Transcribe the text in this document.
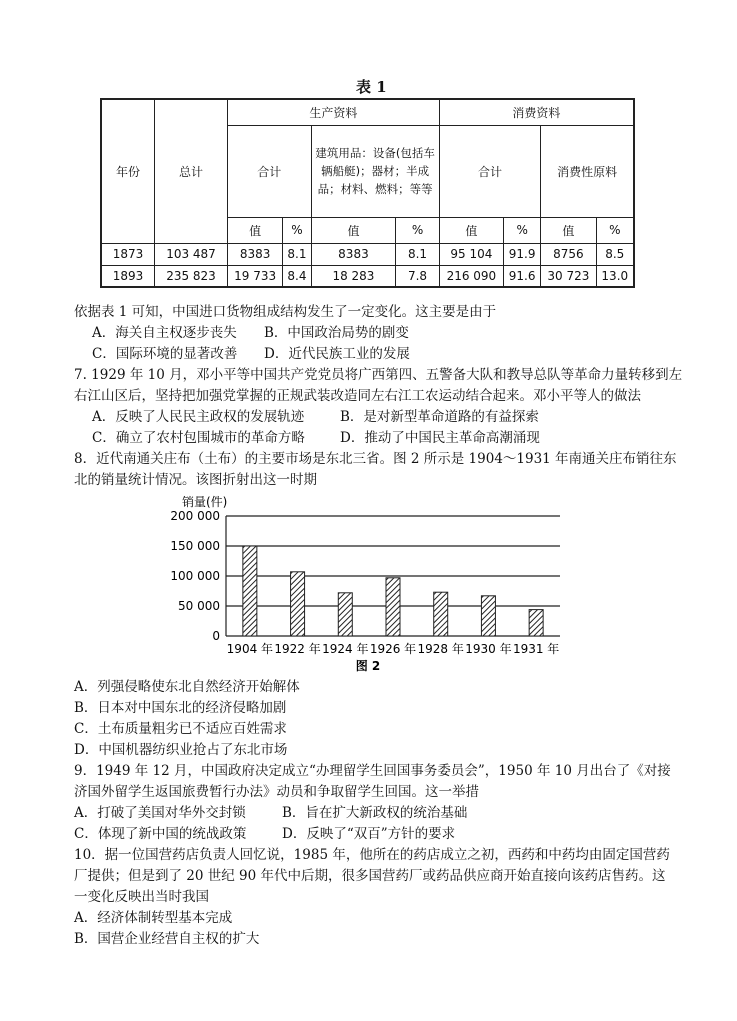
表 1
年份	总计	生产资料				消费资料			
		合计		建筑用品：设备(包括车辆船艇)；器材；半成品；材料、燃料；等等		合计		消费性原料	
		值	%	值	%	值	%	值	%
1873	103 487	8383	8.1	8383	8.1	95 104	91.9	8756	8.5
1893	235 823	19 733	8.4	18 283	7.8	216 090	91.6	30 723	13.0
依据表 1 可知，中国进口货物组成结构发生了一定变化。这主要是由于
A．海关自主权逐步丧失 B．中国政治局势的剧变
C．国际环境的显著改善 D．近代民族工业的发展
7. 1929 年 10 月，邓小平等中国共产党党员将广西第四、五警备大队和教导总队等革命力量转移到左
右江山区后，坚持把加强党掌握的正规武装改造同左右江工农运动结合起来。邓小平等人的做法
A．反映了人民民主政权的发展轨迹	B．是对新型革命道路的有益探索
C．确立了农村包围城市的革命方略	D．推动了中国民主革命高潮涌现
8．近代南通关庄布（土布）的主要市场是东北三省。图 2 所示是 1904～1931 年南通关庄布销往东
北的销量统计情况。该图折射出这一时期
销量(件)
200 000
150 000
100 000
50 000
0
1904 年 1922 年 1924 年 1926 年 1928 年 1930 年 1931 年
图 2
A．列强侵略使东北自然经济开始解体
B．日本对中国东北的经济侵略加剧
C．土布质量粗劣已不适应百姓需求
D．中国机器纺织业抢占了东北市场
9．1949 年 12 月，中国政府决定成立“办理留学生回国事务委员会”，1950 年 10 月出台了《对接
济国外留学生返国旅费暂行办法》动员和争取留学生回国。这一举措
A．打破了美国对华外交封锁	B．旨在扩大新政权的统治基础
C．体现了新中国的统战政策	D．反映了“双百”方针的要求
10．据一位国营药店负责人回忆说，1985 年，他所在的药店成立之初，西药和中药均由固定国营药
厂提供；但是到了 20 世纪 90 年代中后期，很多国营药厂或药品供应商开始直接向该药店售药。这
一变化反映出当时我国
A．经济体制转型基本完成
B．国营企业经营自主权的扩大
